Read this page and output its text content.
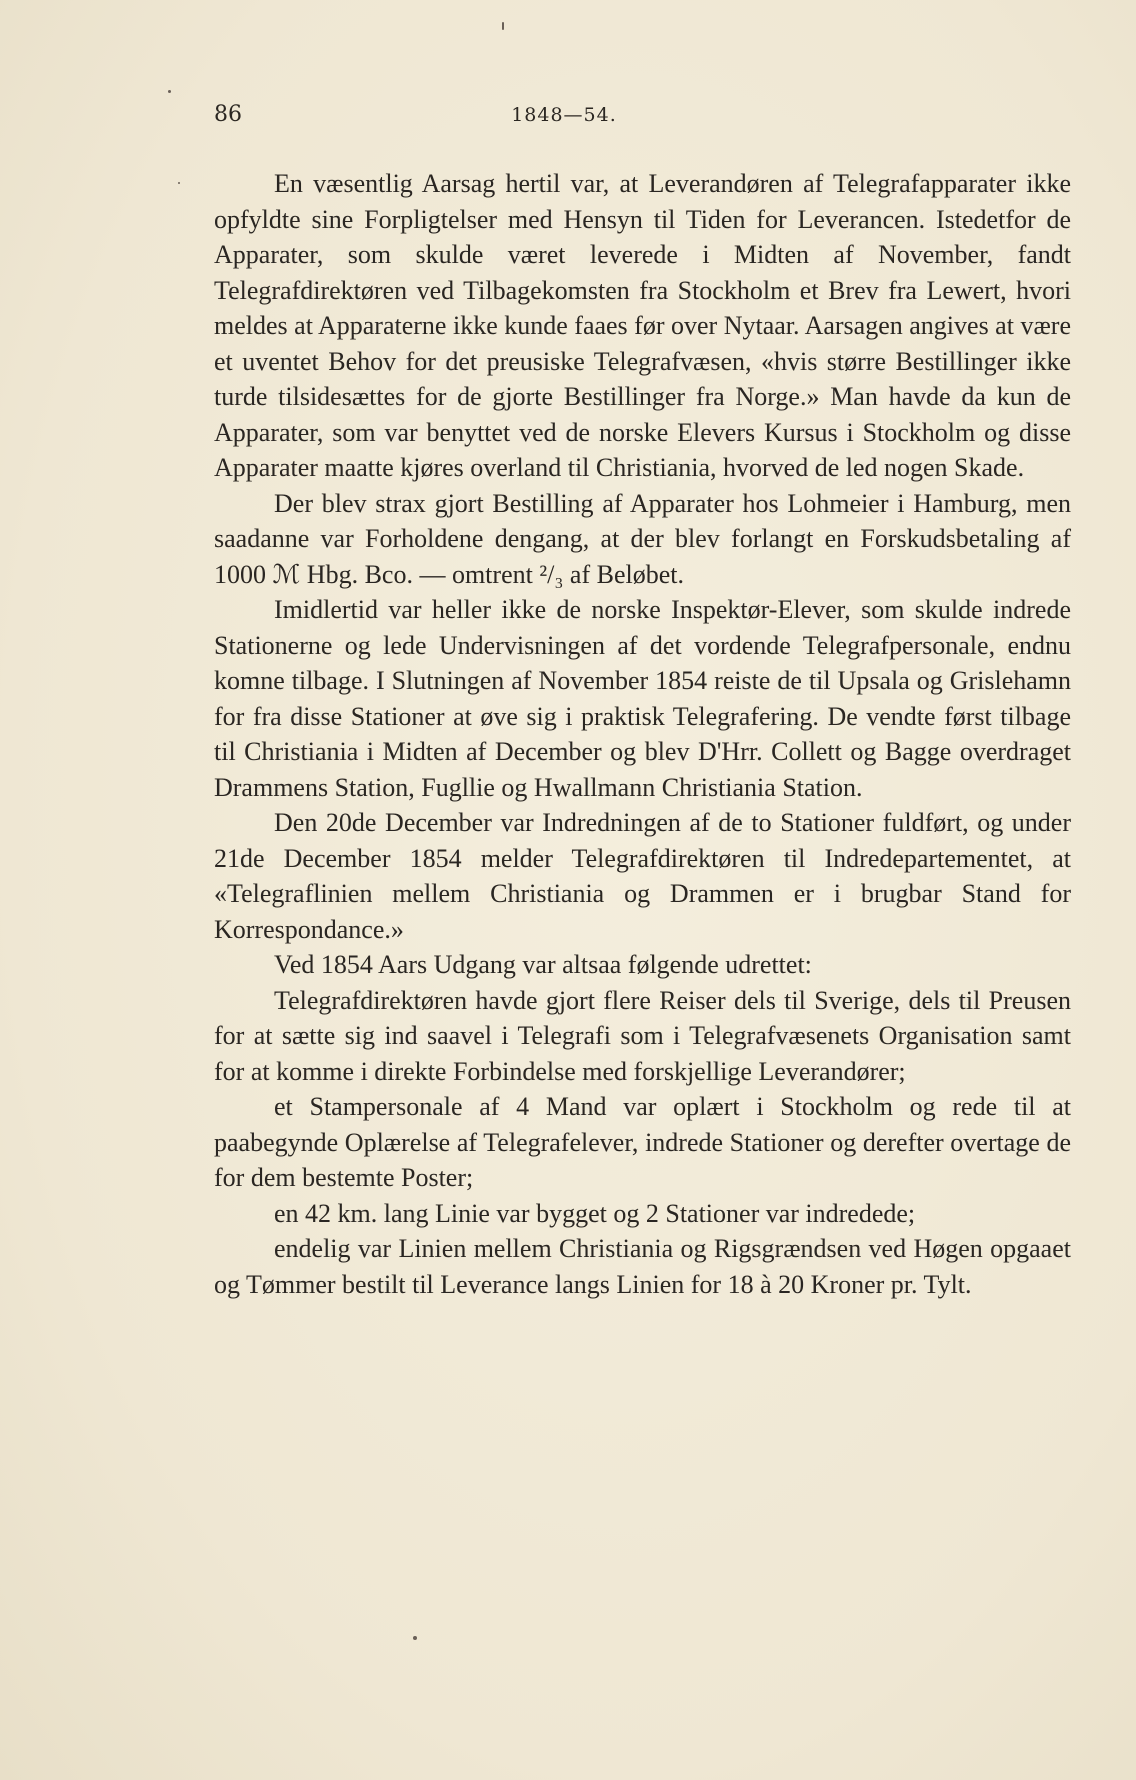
86	1848—54.

En væsentlig Aarsag hertil var, at Leverandøren af Telegrafapparater ikke opfyldte sine Forpligtelser med Hensyn til Tiden for Leverancen. Istedetfor de Apparater, som skulde været leverede i Midten af November, fandt Telegrafdirektøren ved Tilbagekomsten fra Stockholm et Brev fra Lewert, hvori meldes at Apparaterne ikke kunde faaes før over Nytaar. Aarsagen angives at være et uventet Behov for det preusiske Telegrafvæsen, «hvis større Bestillinger ikke turde tilsidesættes for de gjorte Bestillinger fra Norge.» Man havde da kun de Apparater, som var benyttet ved de norske Elevers Kursus i Stockholm og disse Apparater maatte kjøres overland til Christiania, hvorved de led nogen Skade.

Der blev strax gjort Bestilling af Apparater hos Lohmeier i Hamburg, men saadanne var Forholdene dengang, at der blev forlangt en Forskudsbetaling af 1000 ℳ Hbg. Bco. — omtrent ²/₃ af Beløbet.

Imidlertid var heller ikke de norske Inspektør-Elever, som skulde indrede Stationerne og lede Undervisningen af det vordende Telegrafpersonale, endnu komne tilbage. I Slutningen af November 1854 reiste de til Upsala og Grislehamn for fra disse Stationer at øve sig i praktisk Telegrafering. De vendte først tilbage til Christiania i Midten af December og blev D'Hrr. Collett og Bagge overdraget Drammens Station, Fugllie og Hwallmann Christiania Station.

Den 20de December var Indredningen af de to Stationer fuldført, og under 21de December 1854 melder Telegrafdirektøren til Indredepartementet, at «Telegraflinien mellem Christiania og Drammen er i brugbar Stand for Korrespondance.»

Ved 1854 Aars Udgang var altsaa følgende udrettet:

Telegrafdirektøren havde gjort flere Reiser dels til Sverige, dels til Preusen for at sætte sig ind saavel i Telegrafi som i Telegrafvæsenets Organisation samt for at komme i direkte Forbindelse med forskjellige Leverandører;

et Stampersonale af 4 Mand var oplært i Stockholm og rede til at paabegynde Oplærelse af Telegrafelever, indrede Stationer og derefter overtage de for dem bestemte Poster;

en 42 km. lang Linie var bygget og 2 Stationer var indredede;

endelig var Linien mellem Christiania og Rigsgrændsen ved Høgen opgaaet og Tømmer bestilt til Leverance langs Linien for 18 à 20 Kroner pr. Tylt.
